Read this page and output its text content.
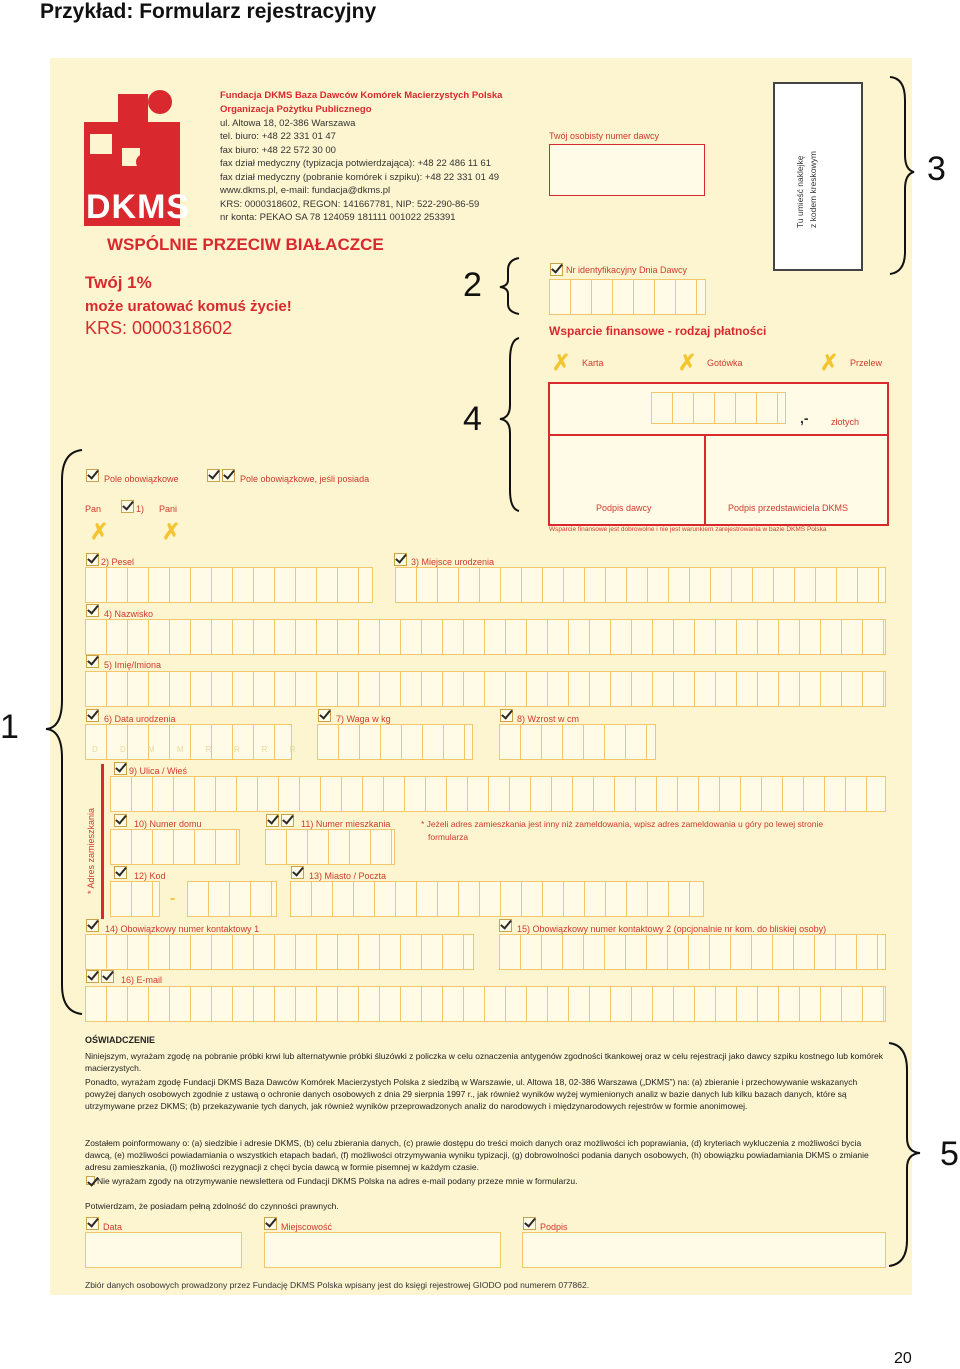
Przykład: Formularz rejestracyjny
DKMS
Fundacja DKMS Baza Dawców Komórek Macierzystych Polska
Organizacja Pożytku Publicznego
ul. Altowa 18, 02-386 Warszawa
tel. biuro: +48 22 331 01 47
fax biuro: +48 22 572 30 00
fax dział medyczny (typizacja potwierdzająca): +48 22 486 11 61
fax dział medyczny (pobranie komórek i szpiku): +48 22 331 01 49
www.dkms.pl, e-mail: fundacja@dkms.pl
KRS: 0000318602, REGON: 141667781, NIP: 522-290-86-59
nr konta: PEKAO SA 78 124059 181111 001022 253391
WSPÓLNIE PRZECIW BIAŁACZCE
Twój 1%
może uratować komuś życie!
KRS: 0000318602
Twój osobisty numer dawcy
Tu umieść naklejkę z kodem kreskowym
Nr identyfikacyjny Dnia Dawcy
Wsparcie finansowe - rodzaj płatności
✗ Karta	✗ Gotówka	✗ Przelew
,- złotych
Podpis dawcy	Podpis przedstawiciela DKMS
Wsparcie finansowe jest dobrowolne i nie jest warunkiem zarejestrowania w bazie DKMS Polska
Pole obowiązkowe	Pole obowiązkowe, jeśli posiada
Pan	1) Pani
✗ ✗
2) Pesel	3) Miejsce urodzenia
4) Nazwisko
5) Imię/Imiona
6) Data urodzenia
D D M M R R R R
7) Waga w kg	8) Wzrost w cm
* Adres zamieszkania
9) Ulica / Wieś
10) Numer domu	11) Numer mieszkania	* Jeżeli adres zamieszkania jest inny niż zameldowania, wpisz adres zameldowania u góry po lewej stronie
formularza
12) Kod
-
13) Miasto / Poczta
14) Obowiązkowy numer kontaktowy 1	15) Obowiązkowy numer kontaktowy 2 (opcjonalnie nr kom. do bliskiej osoby)
16) E-mail
OŚWIADCZENIE
Niniejszym, wyrażam zgodę na pobranie próbki krwi lub alternatywnie próbki śluzówki z policzka w celu oznaczenia antygenów zgodności tkankowej oraz w celu rejestracji jako dawcy szpiku kostnego lub komórek macierzystych.
Ponadto, wyrażam zgodę Fundacji DKMS Baza Dawców Komórek Macierzystych Polska z siedzibą w Warszawie, ul. Altowa 18, 02-386 Warszawa („DKMS”) na: (a) zbieranie i przechowywanie wskazanych powyżej danych osobowych zgodnie z ustawą o ochronie danych osobowych z dnia 29 sierpnia 1997 r., jak również wyników wyżej wymienionych analiz w bazie danych lub kilku bazach danych, które są utrzymywane przez DKMS; (b) przekazywanie tych danych, jak również wyników przeprowadzonych analiz do narodowych i międzynarodowych rejestrów w formie anonimowej.
Zostałem poinformowany o: (a) siedzibie i adresie DKMS, (b) celu zbierania danych, (c) prawie dostępu do treści moich danych oraz możliwości ich poprawiania, (d) kryteriach wykluczenia z możliwości bycia dawcą, (e) możliwości powiadamiania o wszystkich etapach badań, (f) możliwości otrzymywania wyniku typizacji, (g) dobrowolności podania danych osobowych, (h) obowiązku powiadamiania DKMS o zmianie adresu zamieszkania, (i) możliwości rezygnacji z chęci bycia dawcą w formie pisemnej w każdym czasie.
Nie wyrażam zgody na otrzymywanie newslettera od Fundacji DKMS Polska na adres e-mail podany przeze mnie w formularzu.
Potwierdzam, że posiadam pełną zdolność do czynności prawnych.
Data	Miejscowość	Podpis
Zbiór danych osobowych prowadzony przez Fundację DKMS Polska wpisany jest do księgi rejestrowej GIODO pod numerem 077862.
1
2
3
4
5
20
